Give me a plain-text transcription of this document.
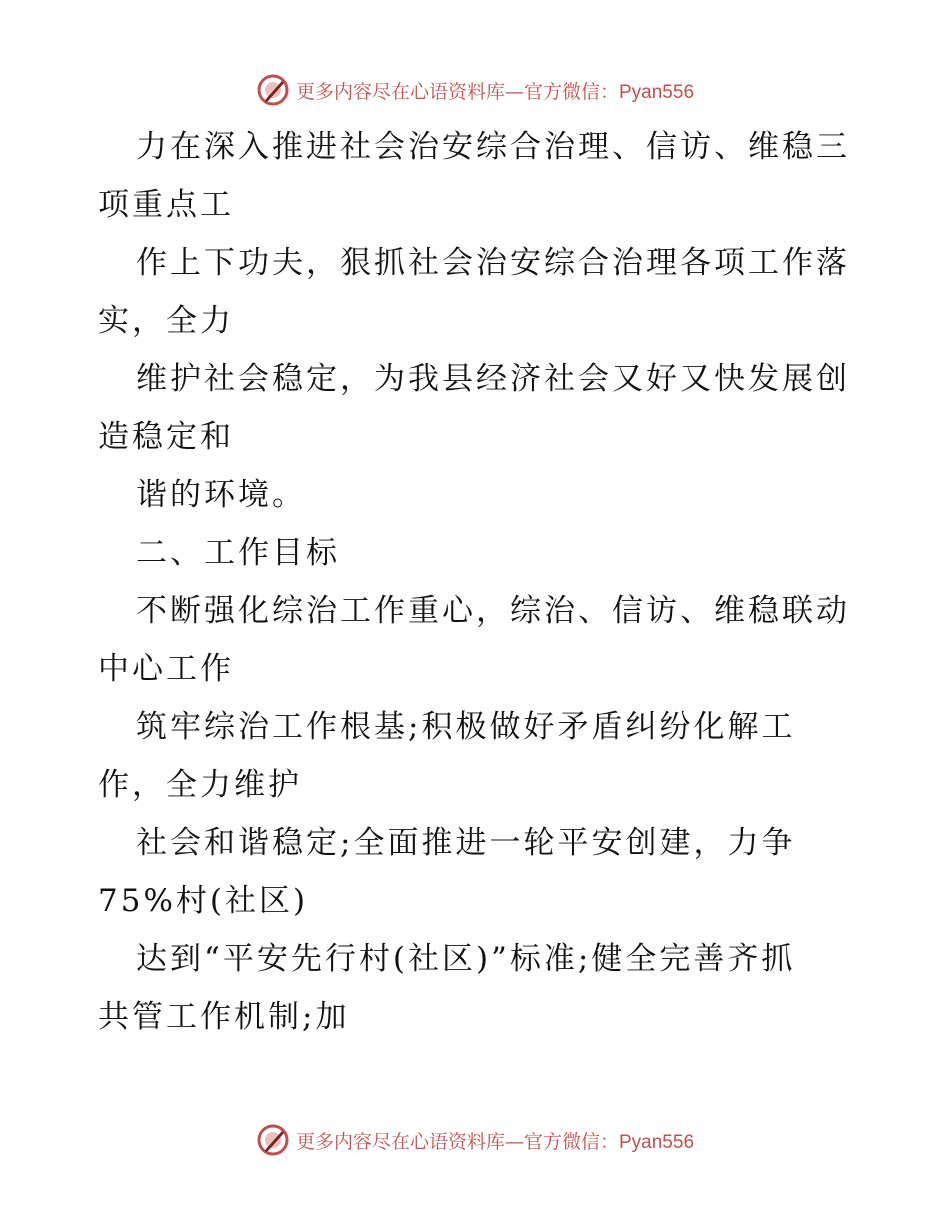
更多内容尽在心语资料库—官方微信：Pyan556
力在深入推进社会治安综合治理、信访、维稳三
项重点工
作上下功夫，狠抓社会治安综合治理各项工作落
实，全力
维护社会稳定，为我县经济社会又好又快发展创
造稳定和
谐的环境。
二、工作目标
不断强化综治工作重心，综治、信访、维稳联动
中心工作
筑牢综治工作根基;积极做好矛盾纠纷化解工
作，全力维护
社会和谐稳定;全面推进一轮平安创建，力争
75%村(社区)
达到“平安先行村(社区)”标准;健全完善齐抓
共管工作机制;加
更多内容尽在心语资料库—官方微信：Pyan556
